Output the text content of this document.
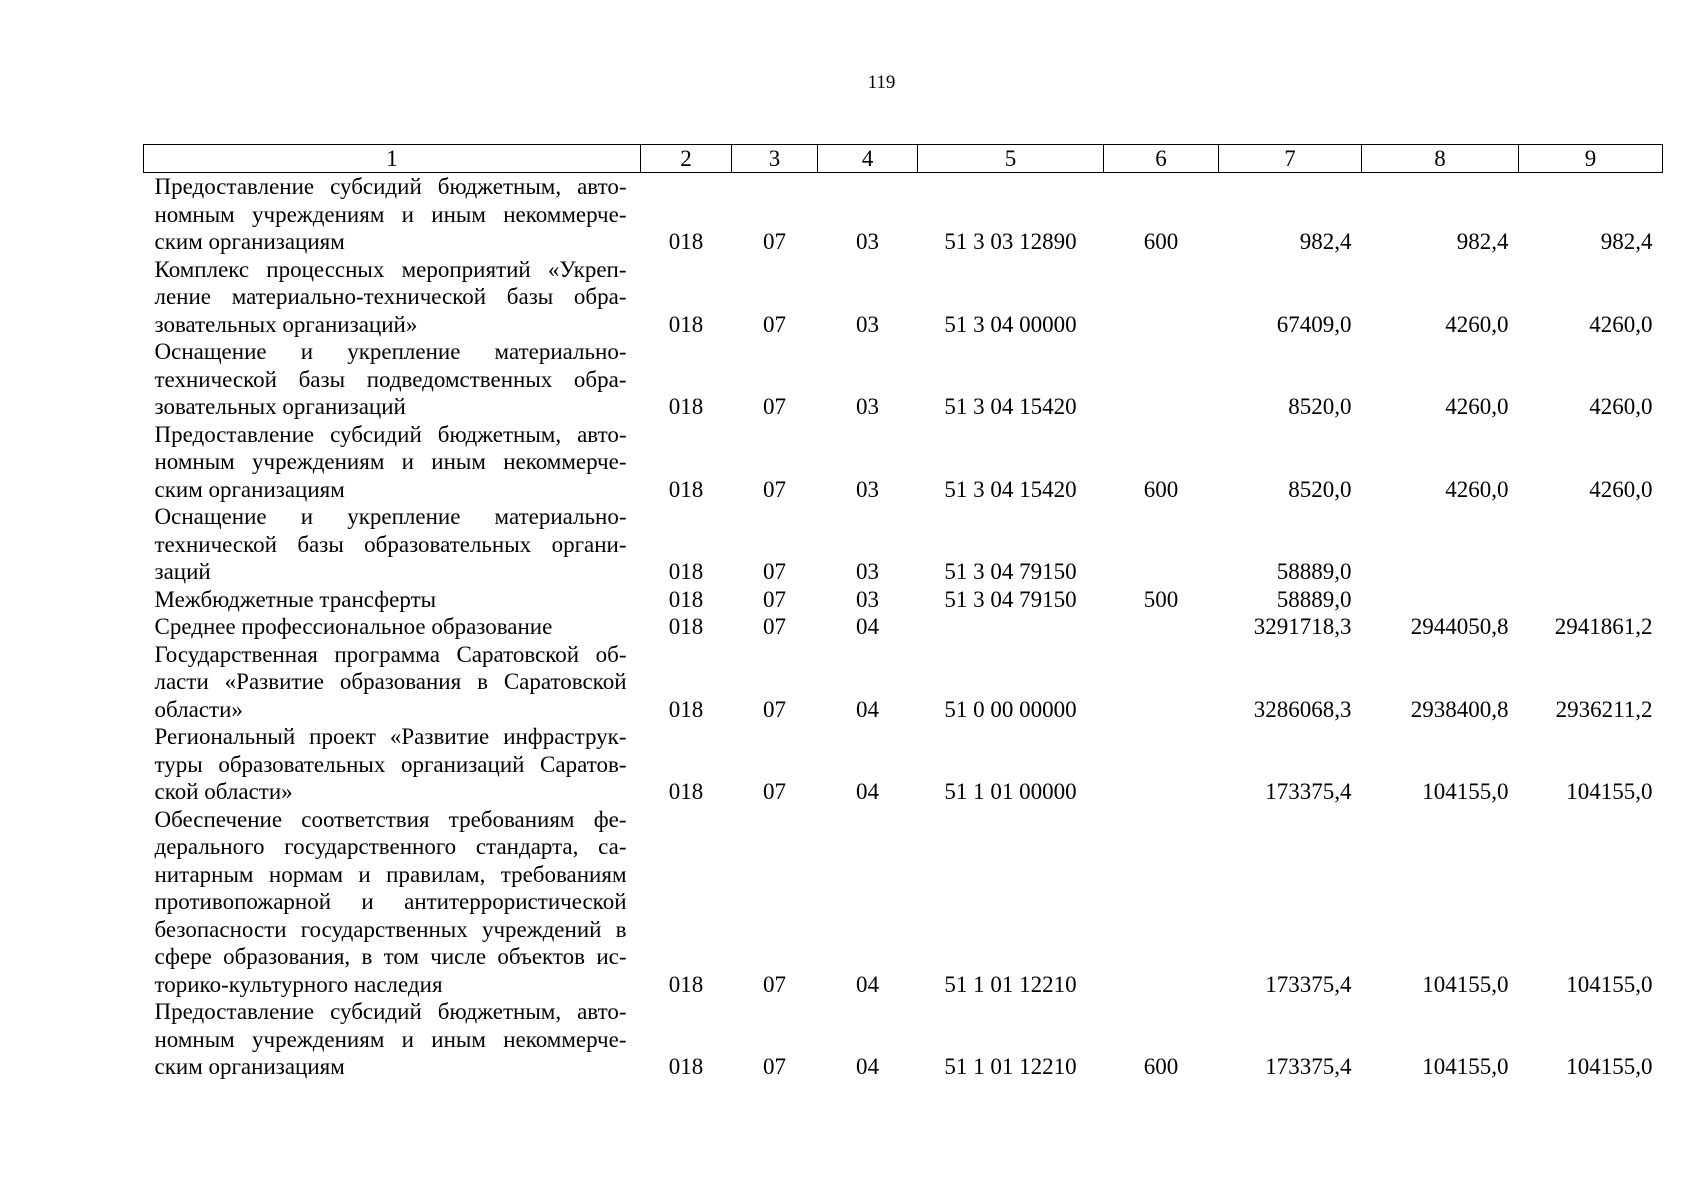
119
1	2	3	4	5	6	7	8	9
Предоставление субсидий бюджетным, авто-номным учреждениям и иным некоммерче-ским организациям	018	07	03	51 3 03 12890	600	982,4	982,4	982,4
Комплекс процессных мероприятий «Укреп-ление материально-технической базы обра-зовательных организаций»	018	07	03	51 3 04 00000		67409,0	4260,0	4260,0
Оснащение и укрепление материально-технической базы подведомственных обра-зовательных организаций	018	07	03	51 3 04 15420		8520,0	4260,0	4260,0
Предоставление субсидий бюджетным, авто-номным учреждениям и иным некоммерче-ским организациям	018	07	03	51 3 04 15420	600	8520,0	4260,0	4260,0
Оснащение и укрепление материально-технической базы образовательных органи-заций	018	07	03	51 3 04 79150		58889,0		
Межбюджетные трансферты	018	07	03	51 3 04 79150	500	58889,0		
Среднее профессиональное образование	018	07	04			3291718,3	2944050,8	2941861,2
Государственная программа Саратовской об-ласти «Развитие образования в Саратовской области»	018	07	04	51 0 00 00000		3286068,3	2938400,8	2936211,2
Региональный проект «Развитие инфраструк-туры образовательных организаций Саратов-ской области»	018	07	04	51 1 01 00000		173375,4	104155,0	104155,0
Обеспечение соответствия требованиям фе-дерального государственного стандарта, са-нитарным нормам и правилам, требованиям противопожарной и антитеррористической безопасности государственных учреждений в сфере образования, в том числе объектов ис-торико-культурного наследия	018	07	04	51 1 01 12210		173375,4	104155,0	104155,0
Предоставление субсидий бюджетным, авто-номным учреждениям и иным некоммерче-ским организациям	018	07	04	51 1 01 12210	600	173375,4	104155,0	104155,0
